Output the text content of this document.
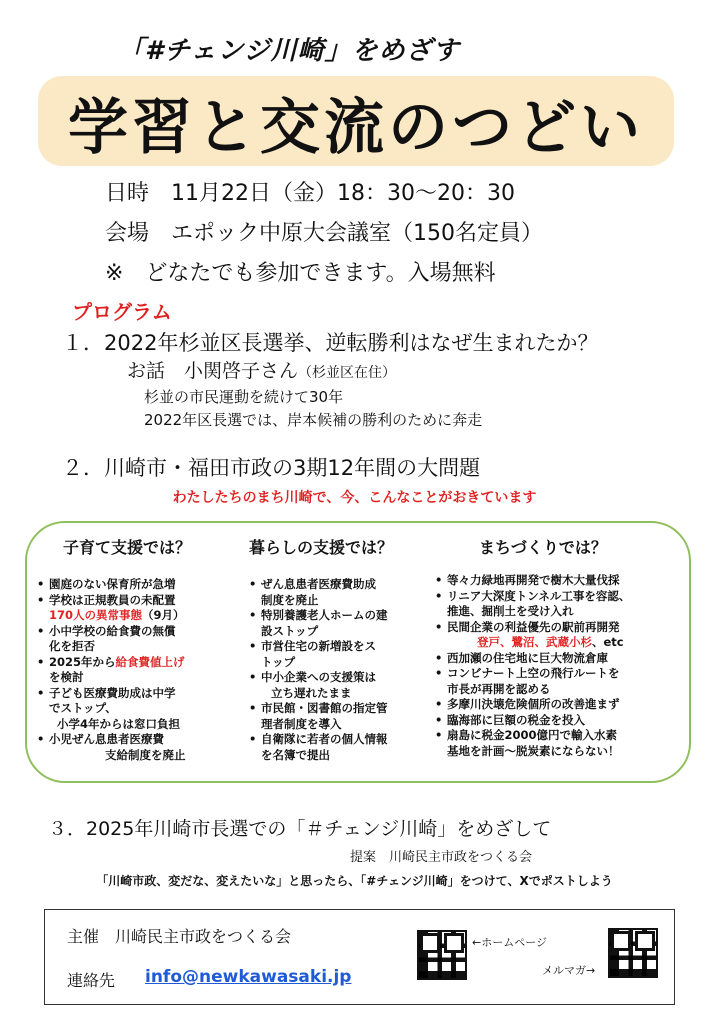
「#チェンジ川崎」をめざす
学習と交流のつどい
日時　11月22日（金）18：30～20：30
会場　エポック中原大会議室（150名定員）
※　どなたでも参加できます。入場無料
プログラム
１．2022年杉並区長選挙、逆転勝利はなぜ生まれたか？
お話　小関啓子さん（杉並区在住）
杉並の市民運動を続けて30年
2022年区長選では、岸本候補の勝利のために奔走
２．川崎市・福田市政の3期12年間の大問題
わたしたちのまち川崎で、今、こんなことがおきています
子育て支援では？
• 園庭のない保育所が急増
• 学校は正規教員の未配置
170人の異常事態（9月）
• 小中学校の給食費の無償
化を拒否
• 2025年から給食費値上げ
を検討
• 子ども医療費助成は中学
でストップ、
小学4年からは窓口負担
• 小児ぜん息患者医療費
支給制度を廃止
暮らしの支援では？
• ぜん息患者医療費助成
制度を廃止
• 特別養護老人ホームの建
設ストップ
• 市営住宅の新増設をス
トップ
• 中小企業への支援策は
立ち遅れたまま
• 市民館・図書館の指定管
理者制度を導入
• 自衛隊に若者の個人情報
を名簿で提出
まちづくりでは？
• 等々力緑地再開発で樹木大量伐採
• リニア大深度トンネル工事を容認、
推進、掘削土を受け入れ
• 民間企業の利益優先の駅前再開発
登戸、鷺沼、武蔵小杉、etc
• 西加瀬の住宅地に巨大物流倉庫
• コンビナート上空の飛行ルートを
市長が再開を認める
• 多摩川決壊危険個所の改善進まず
• 臨海部に巨額の税金を投入
• 扇島に税金2000億円で輸入水素
基地を計画～脱炭素にならない！
３．2025年川崎市長選での「＃チェンジ川崎」をめざして
提案　川崎民主市政をつくる会
「川崎市政、変だな、変えたいな」と思ったら、「#チェンジ川崎」をつけて、Xでポストしよう
主催　川崎民主市政をつくる会
連絡先 info@newkawasaki.jp
←ホームページ
メルマガ→
